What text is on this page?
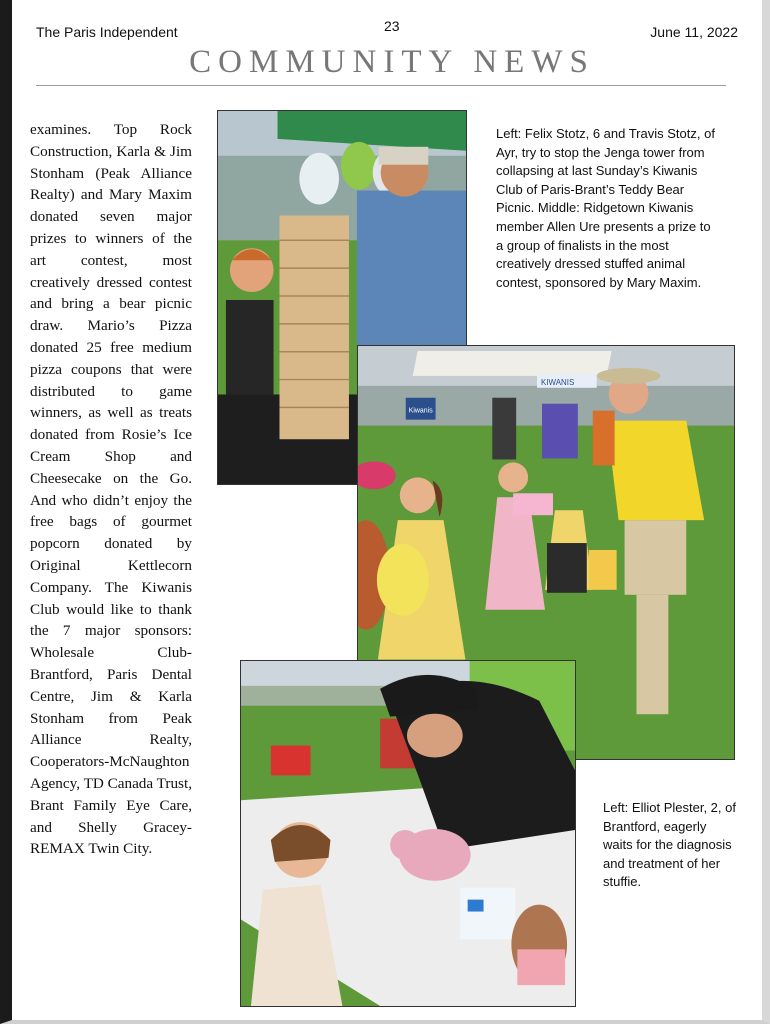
The Paris Independent	23	June 11, 2022
COMMUNITY NEWS
examines. Top Rock Construction, Karla & Jim Stonham (Peak Alliance Realty) and Mary Maxim donated seven major prizes to winners of the art contest, most creatively dressed contest and bring a bear picnic draw. Mario’s Pizza donated 25 free medium pizza coupons that were distributed to game winners, as well as treats donated from Rosie’s Ice Cream Shop and Cheesecake on the Go. And who didn’t enjoy the free bags of gourmet popcorn donated by Original Kettlecorn Company. The Kiwanis Club would like to thank the 7 major sponsors: Wholesale Club-Brantford, Paris Dental Centre, Jim & Karla Stonham from Peak Alliance Realty, Cooperators-McNaughton Agency, TD Canada Trust, Brant Family Eye Care, and Shelly Gracey-REMAX Twin City.
Kiwanis
KIWANIS
Left: Felix Stotz, 6 and Travis Stotz, of Ayr, try to stop the Jenga tower from collapsing at last Sunday’s Kiwanis Club of Paris-Brant’s Teddy Bear Picnic. Middle: Ridgetown Kiwanis member Allen Ure presents a prize to a group of finalists in the most creatively dressed stuffed animal contest, sponsored by Mary Maxim.
Left: Elliot Plester, 2, of Brantford, eagerly waits for the diagnosis and treatment of her stuffie.
